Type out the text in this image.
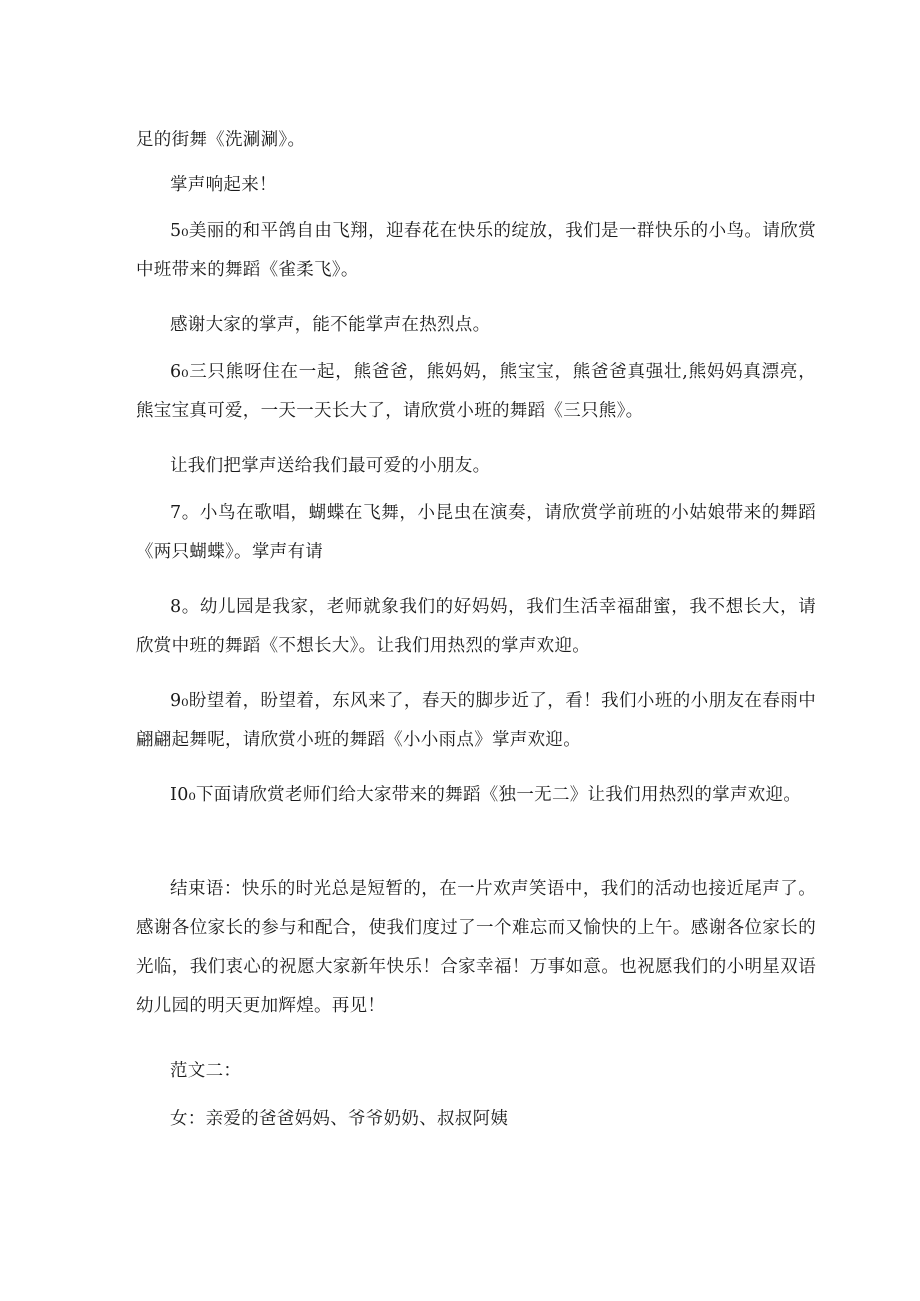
足的街舞《洗涮涮》。

掌声响起来！

5₀美丽的和平鸽自由飞翔，迎春花在快乐的绽放，我们是一群快乐的小鸟。请欣赏中班带来的舞蹈《雀柔飞》。

感谢大家的掌声，能不能掌声在热烈点。

6₀三只熊呀住在一起，熊爸爸，熊妈妈，熊宝宝，熊爸爸真强壮,熊妈妈真漂亮，熊宝宝真可爱，一天一天长大了，请欣赏小班的舞蹈《三只熊》。

让我们把掌声送给我们最可爱的小朋友。

7。小鸟在歌唱，蝴蝶在飞舞，小昆虫在演奏，请欣赏学前班的小姑娘带来的舞蹈《两只蝴蝶》。掌声有请

8。幼儿园是我家，老师就象我们的好妈妈，我们生活幸福甜蜜，我不想长大，请欣赏中班的舞蹈《不想长大》。让我们用热烈的掌声欢迎。

9₀盼望着，盼望着，东风来了，春天的脚步近了，看！我们小班的小朋友在春雨中翩翩起舞呢，请欣赏小班的舞蹈《小小雨点》掌声欢迎。

I0₀下面请欣赏老师们给大家带来的舞蹈《独一无二》让我们用热烈的掌声欢迎。

结束语：快乐的时光总是短暂的，在一片欢声笑语中，我们的活动也接近尾声了。感谢各位家长的参与和配合，使我们度过了一个难忘而又愉快的上午。感谢各位家长的光临，我们衷心的祝愿大家新年快乐！合家幸福！万事如意。也祝愿我们的小明星双语幼儿园的明天更加辉煌。再见！

范文二：

女：亲爱的爸爸妈妈、爷爷奶奶、叔叔阿姨
